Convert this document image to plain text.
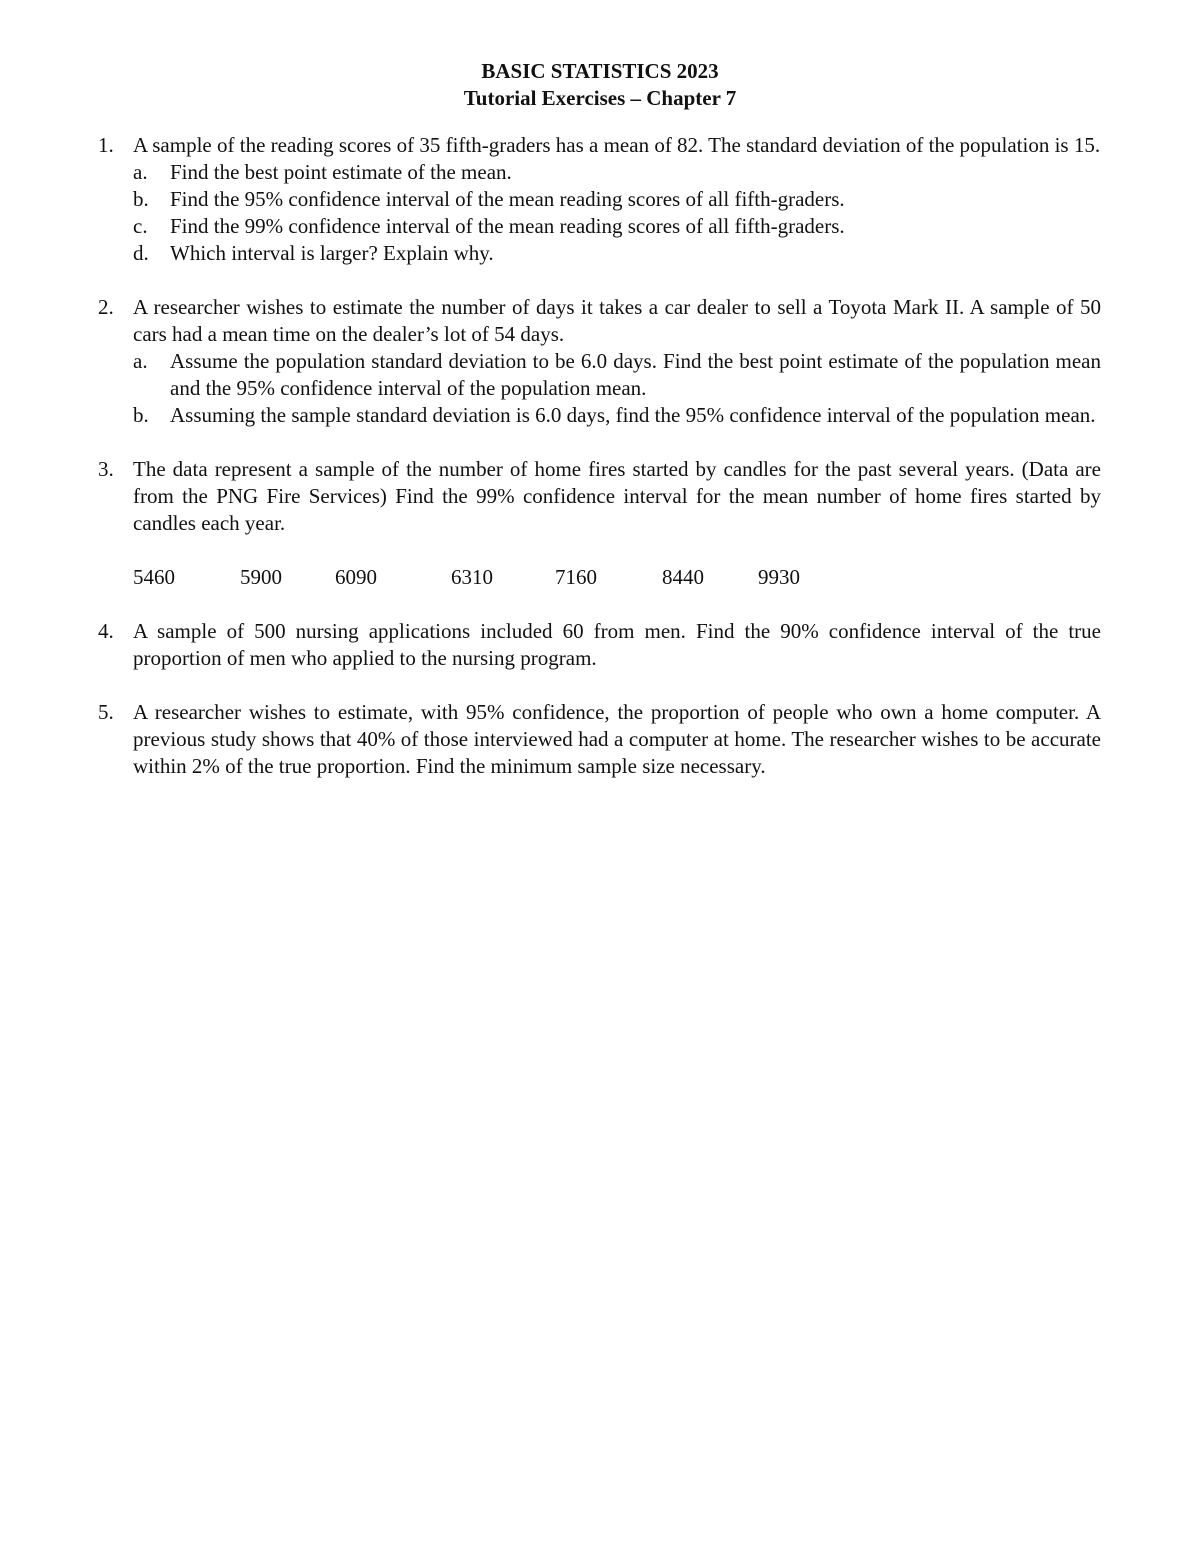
BASIC STATISTICS 2023
Tutorial Exercises – Chapter 7
1. A sample of the reading scores of 35 fifth-graders has a mean of 82. The standard deviation of the population is 15.
a. Find the best point estimate of the mean.
b. Find the 95% confidence interval of the mean reading scores of all fifth-graders.
c. Find the 99% confidence interval of the mean reading scores of all fifth-graders.
d. Which interval is larger? Explain why.
2. A researcher wishes to estimate the number of days it takes a car dealer to sell a Toyota Mark II. A sample of 50 cars had a mean time on the dealer’s lot of 54 days.
a. Assume the population standard deviation to be 6.0 days. Find the best point estimate of the population mean and the 95% confidence interval of the population mean.
b. Assuming the sample standard deviation is 6.0 days, find the 95% confidence interval of the population mean.
3. The data represent a sample of the number of home fires started by candles for the past several years. (Data are from the PNG Fire Services) Find the 99% confidence interval for the mean number of home fires started by candles each year.
5460	5900	6090	6310	7160	8440	9930
4. A sample of 500 nursing applications included 60 from men. Find the 90% confidence interval of the true proportion of men who applied to the nursing program.
5. A researcher wishes to estimate, with 95% confidence, the proportion of people who own a home computer. A previous study shows that 40% of those interviewed had a computer at home. The researcher wishes to be accurate within 2% of the true proportion. Find the minimum sample size necessary.
